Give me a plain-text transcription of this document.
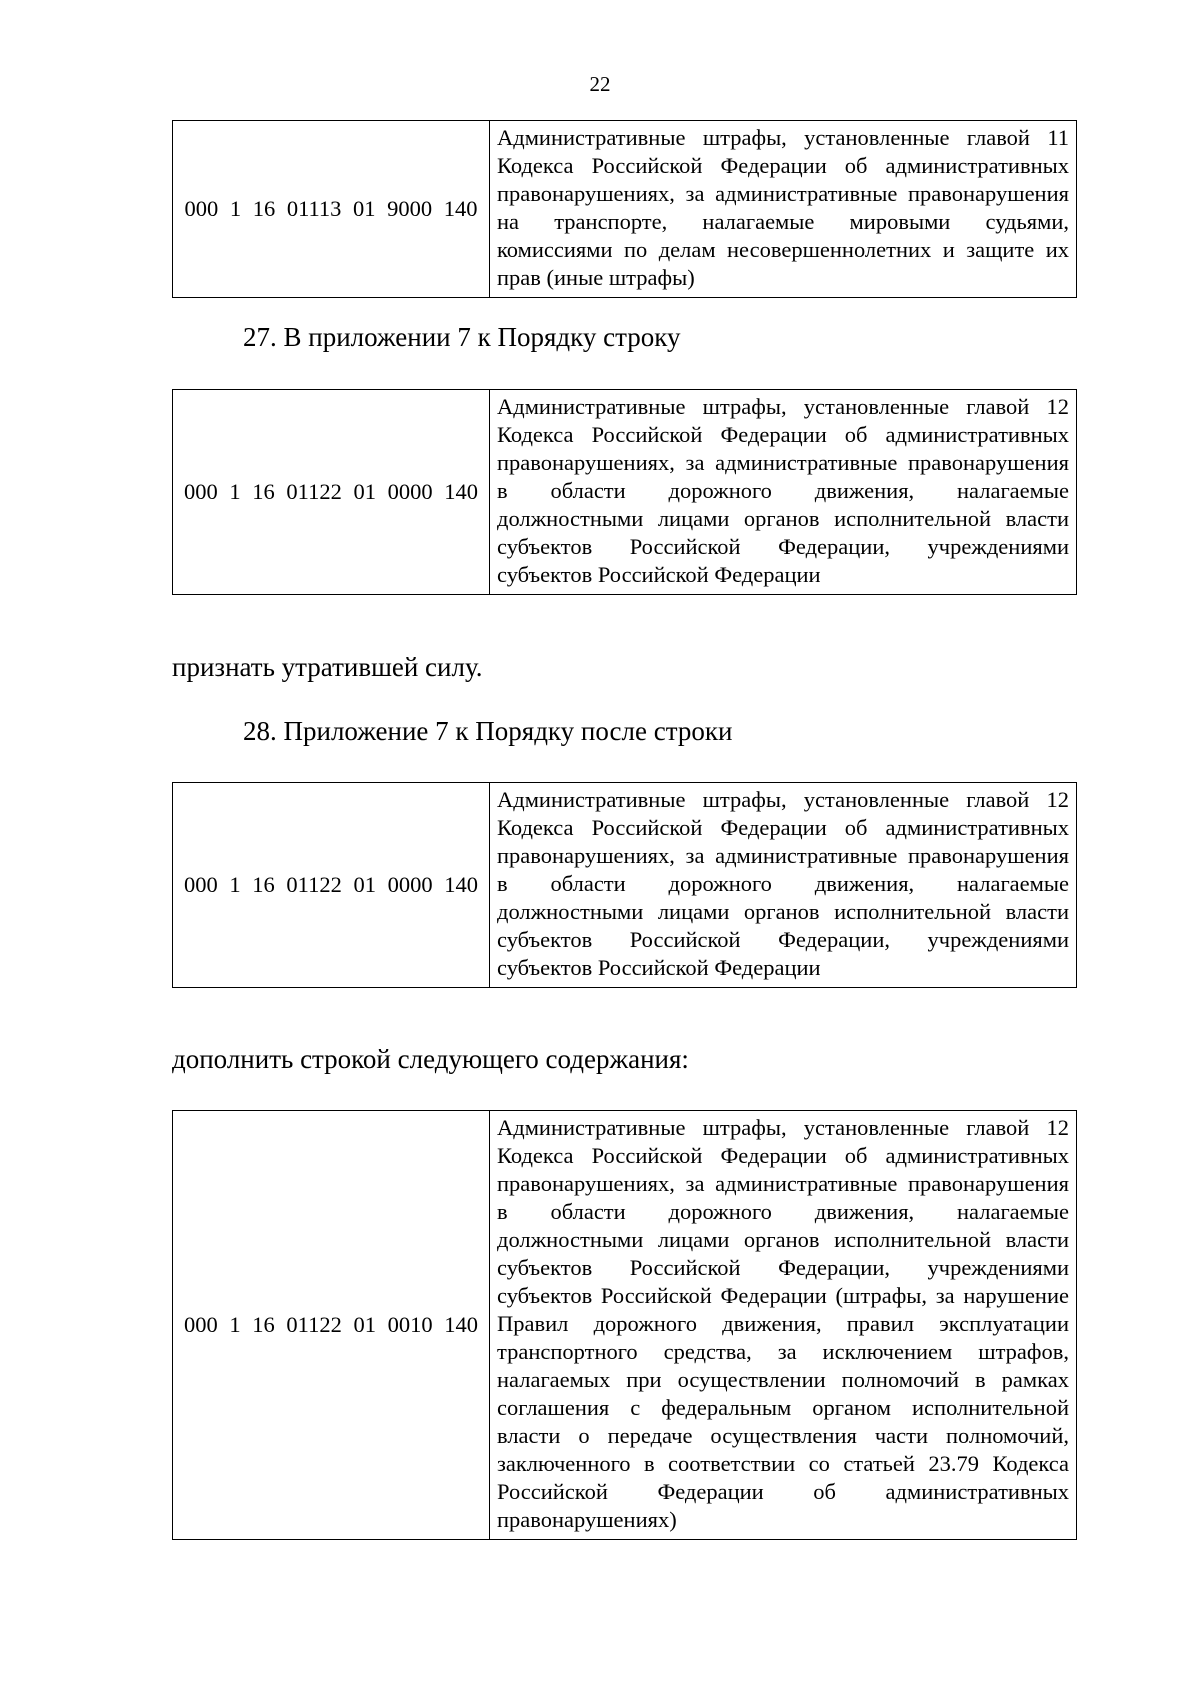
22
000 1 16 01113 01 9000 140	Административные штрафы, установленные главой 11 Кодекса Российской Федерации об административных правонарушениях, за административные правонарушения на транспорте, налагаемые мировыми судьями, комиссиями по делам несовершеннолетних и защите их прав (иные штрафы)
27. В приложении 7 к Порядку строку
000 1 16 01122 01 0000 140	Административные штрафы, установленные главой 12 Кодекса Российской Федерации об административных правонарушениях, за административные правонарушения в области дорожного движения, налагаемые должностными лицами органов исполнительной власти субъектов Российской Федерации, учреждениями субъектов Российской Федерации
признать утратившей силу.
28. Приложение 7 к Порядку после строки
000 1 16 01122 01 0000 140	Административные штрафы, установленные главой 12 Кодекса Российской Федерации об административных правонарушениях, за административные правонарушения в области дорожного движения, налагаемые должностными лицами органов исполнительной власти субъектов Российской Федерации, учреждениями субъектов Российской Федерации
дополнить строкой следующего содержания:
000 1 16 01122 01 0010 140	Административные штрафы, установленные главой 12 Кодекса Российской Федерации об административных правонарушениях, за административные правонарушения в области дорожного движения, налагаемые должностными лицами органов исполнительной власти субъектов Российской Федерации, учреждениями субъектов Российской Федерации (штрафы, за нарушение Правил дорожного движения, правил эксплуатации транспортного средства, за исключением штрафов, налагаемых при осуществлении полномочий в рамках соглашения с федеральным органом исполнительной власти о передаче осуществления части полномочий, заключенного в соответствии со статьей 23.79 Кодекса Российской Федерации об административных правонарушениях)
